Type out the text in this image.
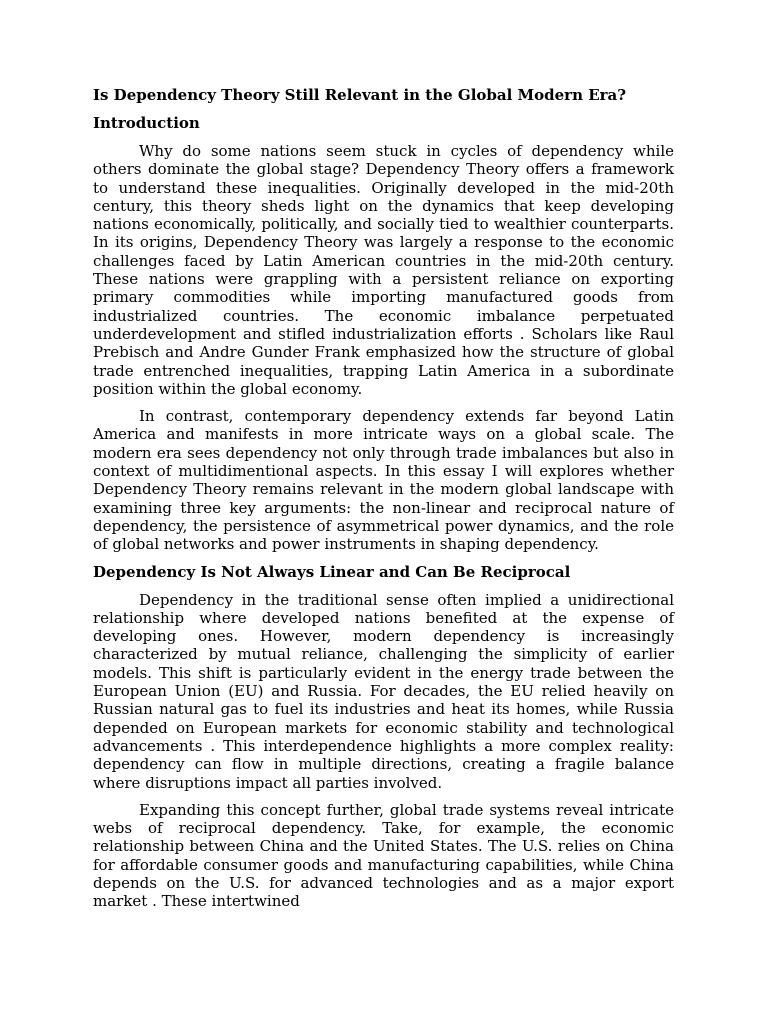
Is Dependency Theory Still Relevant in the Global Modern Era?
Introduction

Why do some nations seem stuck in cycles of dependency while others dominate the global stage? Dependency Theory offers a framework to understand these inequalities. Originally developed in the mid-20th century, this theory sheds light on the dynamics that keep developing nations economically, politically, and socially tied to wealthier counterparts. In its origins, Dependency Theory was largely a response to the economic challenges faced by Latin American countries in the mid-20th century. These nations were grappling with a persistent reliance on exporting primary commodities while importing manufactured goods from industrialized countries. The economic imbalance perpetuated underdevelopment and stifled industrialization efforts . Scholars like Raul Prebisch and Andre Gunder Frank emphasized how the structure of global trade entrenched inequalities, trapping Latin America in a subordinate position within the global economy.

In contrast, contemporary dependency extends far beyond Latin America and manifests in more intricate ways on a global scale. The modern era sees dependency not only through trade imbalances but also in context of multidimentional aspects. In this essay I will explores whether Dependency Theory remains relevant in the modern global landscape with examining three key arguments: the non-linear and reciprocal nature of dependency, the persistence of asymmetrical power dynamics, and the role of global networks and power instruments in shaping dependency.

Dependency Is Not Always Linear and Can Be Reciprocal

Dependency in the traditional sense often implied a unidirectional relationship where developed nations benefited at the expense of developing ones. However, modern dependency is increasingly characterized by mutual reliance, challenging the simplicity of earlier models. This shift is particularly evident in the energy trade between the European Union (EU) and Russia. For decades, the EU relied heavily on Russian natural gas to fuel its industries and heat its homes, while Russia depended on European markets for economic stability and technological advancements . This interdependence highlights a more complex reality: dependency can flow in multiple directions, creating a fragile balance where disruptions impact all parties involved.

Expanding this concept further, global trade systems reveal intricate webs of reciprocal dependency. Take, for example, the economic relationship between China and the United States. The U.S. relies on China for affordable consumer goods and manufacturing capabilities, while China depends on the U.S. for advanced technologies and as a major export market . These intertwined
